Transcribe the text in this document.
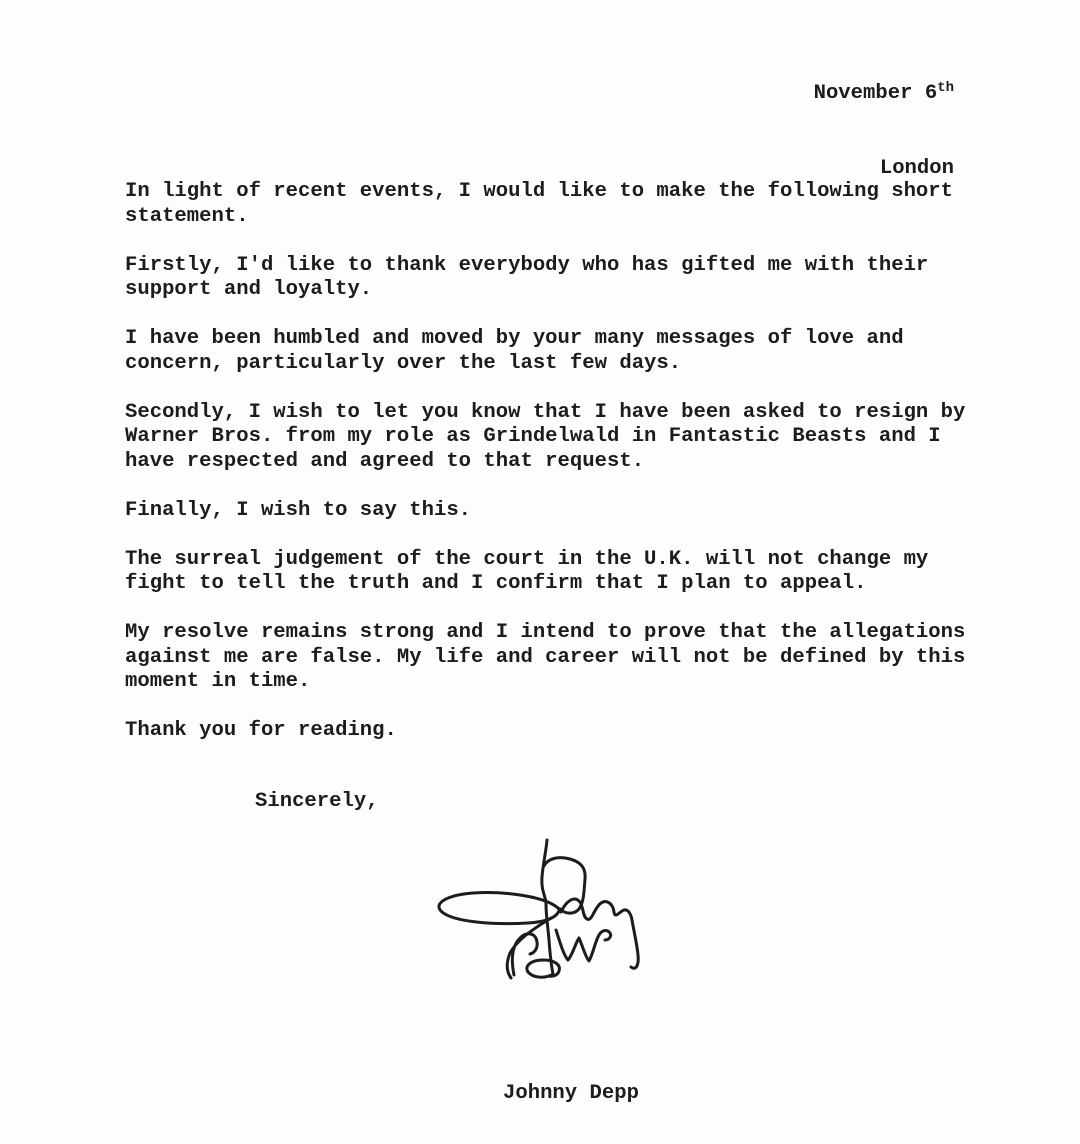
November 6th

London

In light of recent events, I would like to make the following short
statement.
Firstly, I'd like to thank everybody who has gifted me with their
support and loyalty.
I have been humbled and moved by your many messages of love and
concern, particularly over the last few days.
Secondly, I wish to let you know that I have been asked to resign by
Warner Bros. from my role as Grindelwald in Fantastic Beasts and I
have respected and agreed to that request.
Finally, I wish to say this.
The surreal judgement of the court in the U.K. will not change my
fight to tell the truth and I confirm that I plan to appeal.
My resolve remains strong and I intend to prove that the allegations
against me are false. My life and career will not be defined by this
moment in time.
Thank you for reading.
Sincerely,
Johnny Depp
